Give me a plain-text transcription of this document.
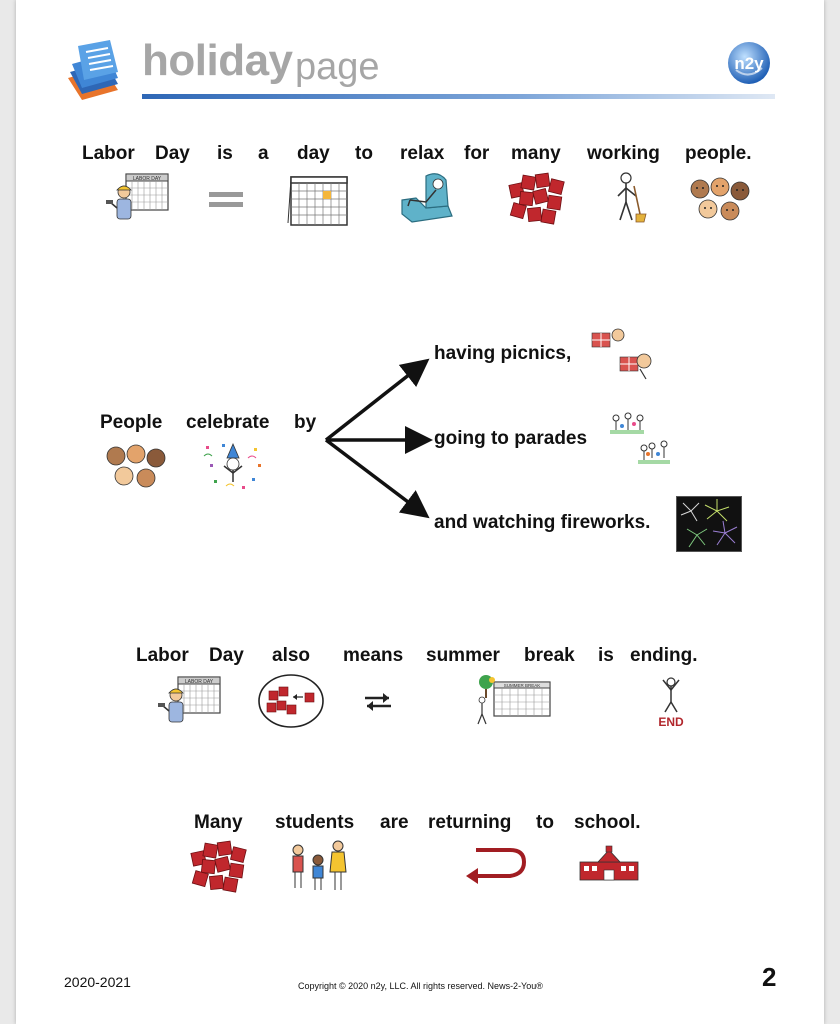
holiday page	n2y
Labor Day is a day to relax for many working people.
LABOR DAY
People celebrate by
having picnics,
going to parades
and watching fireworks.
Labor Day also means summer break is ending.
LABOR DAY
SUMMER BREAK
END
Many students are returning to school.
2020-2021	Copyright © 2020 n2y, LLC. All rights reserved. News-2-You®	2
